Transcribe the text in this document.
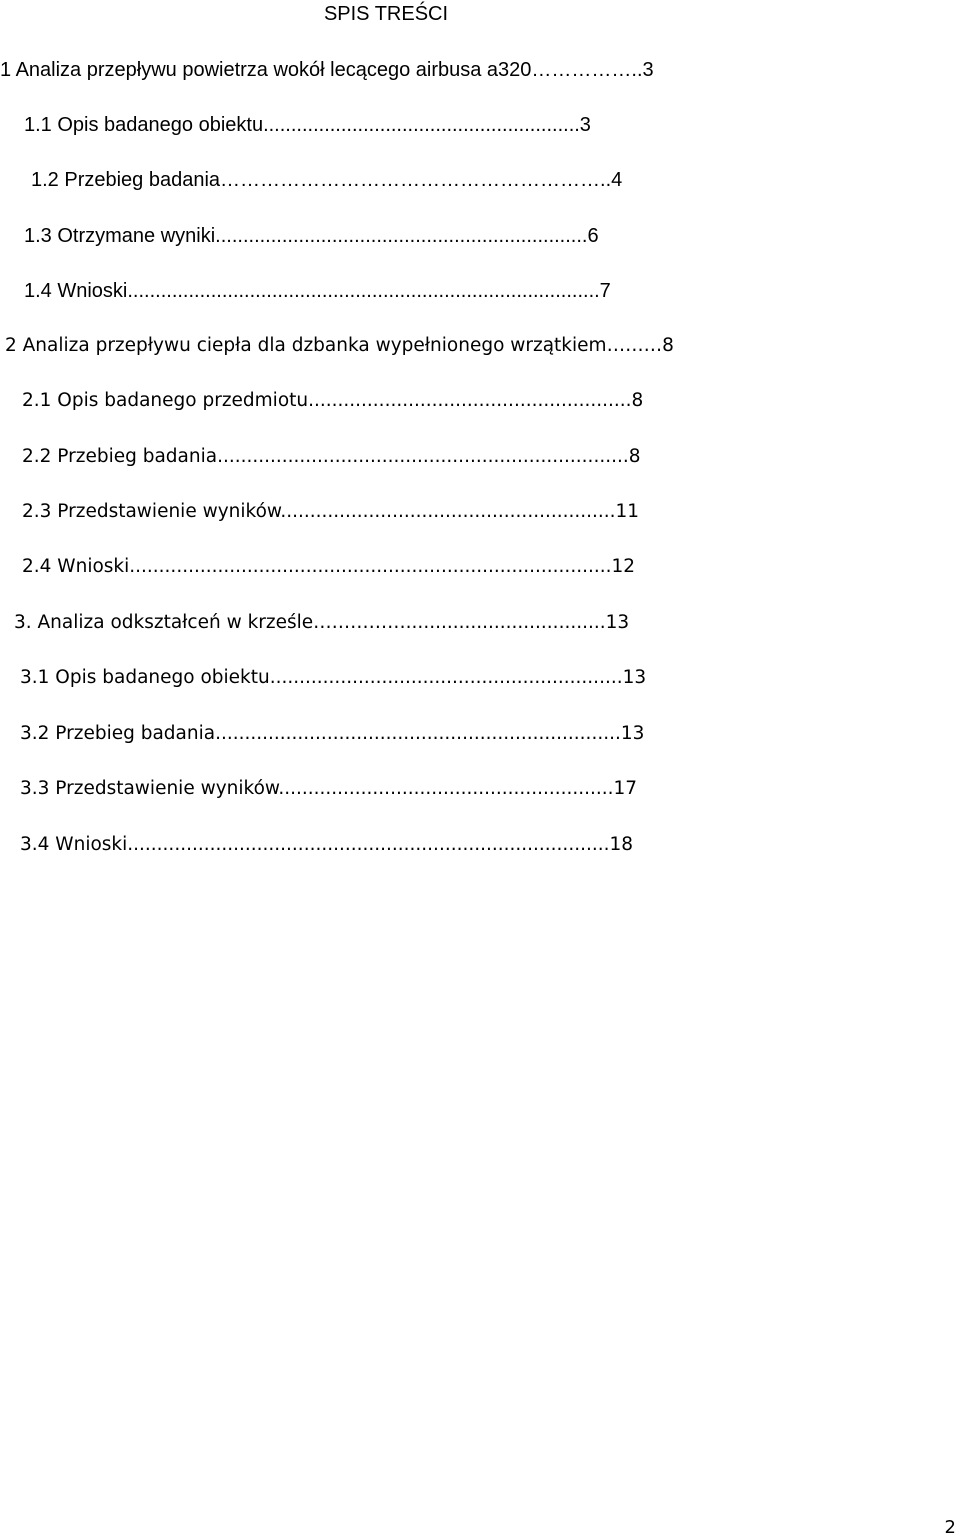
SPIS TREŚCI
1 Analiza przepływu powietrza wokół lecącego airbusa a320……………..3
1.1 Opis badanego obiektu.........................................................3
1.2 Przebieg badania…………………………………………………..4
1.3 Otrzymane wyniki...................................................................6
1.4 Wnioski.....................................................................................7
2 Analiza przepływu ciepła dla dzbanka wypełnionego wrzątkiem………8
2.1 Opis badanego przedmiotu.......................................................8
2.2 Przebieg badania......................................................................8
2.3 Przedstawienie wyników.........................................................11
2.4 Wnioski..................................................................................12
3. Analiza odkształceń w krześle……………..................................13
3.1 Opis badanego obiektu............................................................13
3.2 Przebieg badania.....................................................................13
3.3 Przedstawienie wyników.........................................................17
3.4 Wnioski..................................................................................18
2
